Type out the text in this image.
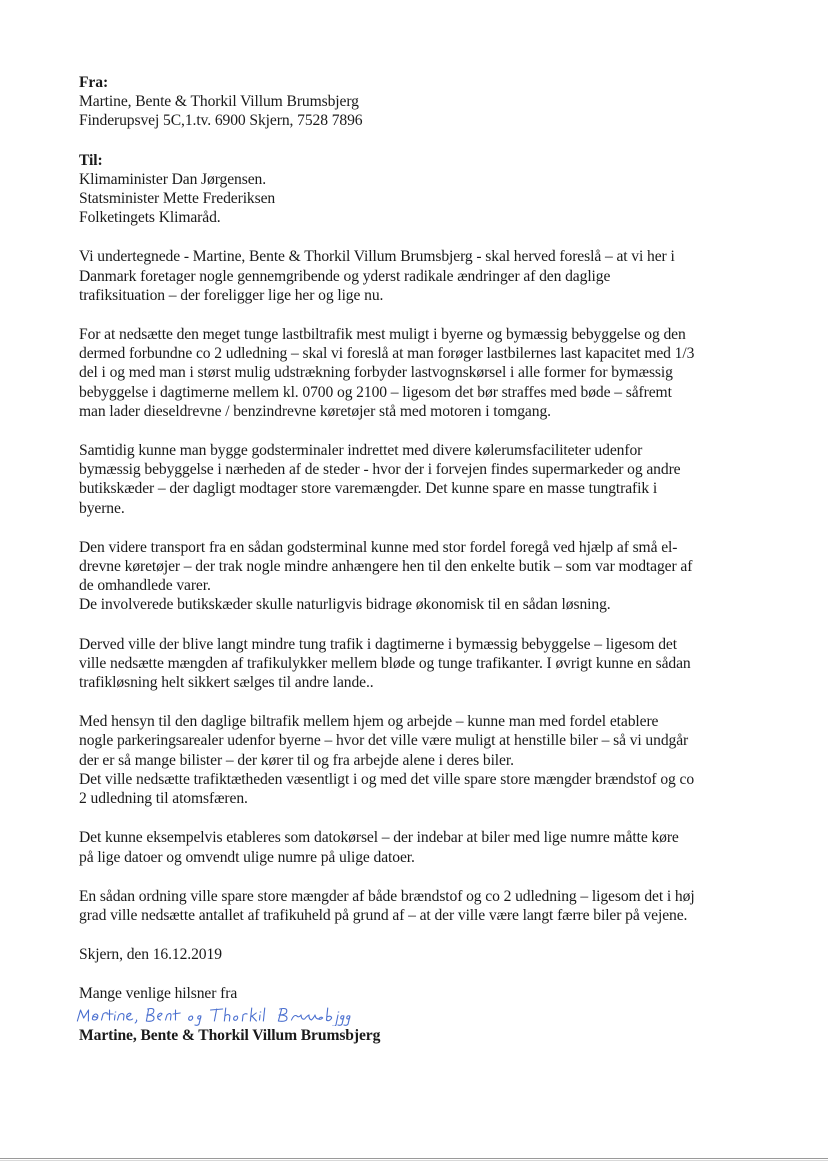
Fra:
Martine, Bente & Thorkil Villum Brumsbjerg
Finderupsvej 5C,1.tv. 6900 Skjern, 7528 7896
Til:
Klimaminister Dan Jørgensen.
Statsminister Mette Frederiksen
Folketingets Klimaråd.
Vi undertegnede - Martine, Bente & Thorkil Villum Brumsbjerg - skal herved foreslå – at vi her i
Danmark foretager nogle gennemgribende og yderst radikale ændringer af den daglige
trafiksituation – der foreligger lige her og lige nu.
For at nedsætte den meget tunge lastbiltrafik mest muligt i byerne og bymæssig bebyggelse og den
dermed forbundne co 2 udledning – skal vi foreslå at man forøger lastbilernes last kapacitet med 1/3
del i og med man i størst mulig udstrækning forbyder lastvognskørsel i alle former for bymæssig
bebyggelse i dagtimerne mellem kl. 0700 og 2100 – ligesom det bør straffes med bøde – såfremt
man lader dieseldrevne / benzindrevne køretøjer stå med motoren i tomgang.
Samtidig kunne man bygge godsterminaler indrettet med divere kølerumsfaciliteter udenfor
bymæssig bebyggelse i nærheden af de steder - hvor der i forvejen findes supermarkeder og andre
butikskæder – der dagligt modtager store varemængder. Det kunne spare en masse tungtrafik i
byerne.
Den videre transport fra en sådan godsterminal kunne med stor fordel foregå ved hjælp af små el-
drevne køretøjer – der trak nogle mindre anhængere hen til den enkelte butik – som var modtager af
de omhandlede varer.
De involverede butikskæder skulle naturligvis bidrage økonomisk til en sådan løsning.
Derved ville der blive langt mindre tung trafik i dagtimerne i bymæssig bebyggelse – ligesom det
ville nedsætte mængden af trafikulykker mellem bløde og tunge trafikanter. I øvrigt kunne en sådan
trafikløsning helt sikkert sælges til andre lande..
Med hensyn til den daglige biltrafik mellem hjem og arbejde – kunne man med fordel etablere
nogle parkeringsarealer udenfor byerne – hvor det ville være muligt at henstille biler – så vi undgår
der er så mange bilister – der kører til og fra arbejde alene i deres biler.
Det ville nedsætte trafiktætheden væsentligt i og med det ville spare store mængder brændstof og co
2 udledning til atomsfæren.
Det kunne eksempelvis etableres som datokørsel – der indebar at biler med lige numre måtte køre
på lige datoer og omvendt ulige numre på ulige datoer.
En sådan ordning ville spare store mængder af både brændstof og co 2 udledning – ligesom det i høj
grad ville nedsætte antallet af trafikuheld på grund af – at der ville være langt færre biler på vejene.
Skjern, den 16.12.2019
Mange venlige hilsner fra
Martine, Bente & Thorkil Villum Brumsbjerg
